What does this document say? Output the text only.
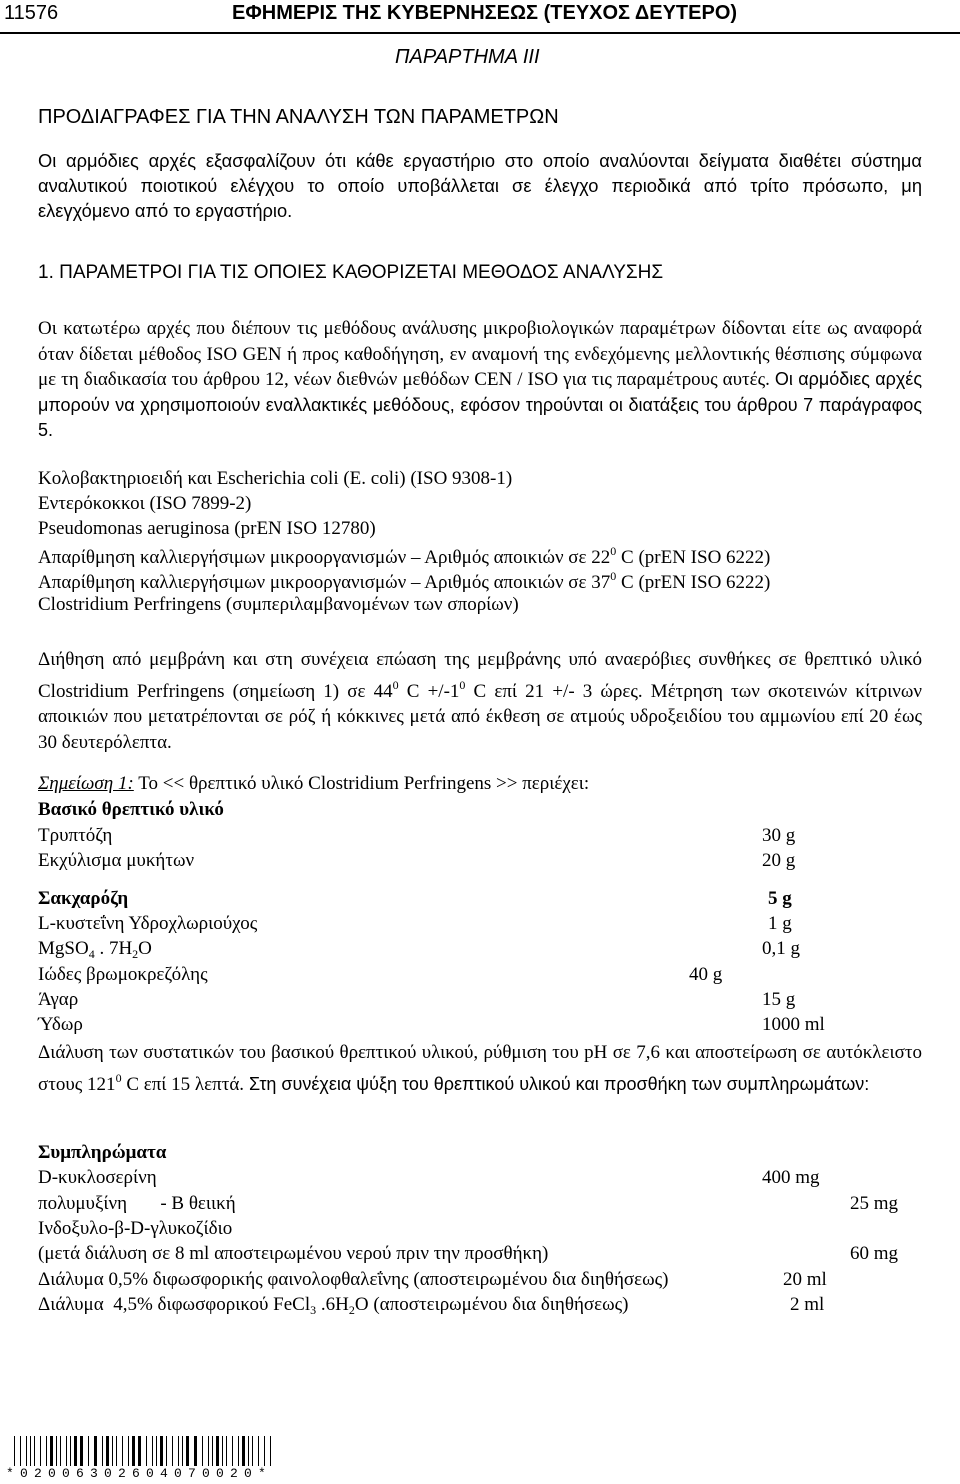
11576	ΕΦΗΜΕΡΙΣ ΤΗΣ ΚΥΒΕΡΝΗΣΕΩΣ (ΤΕΥΧΟΣ ΔΕΥΤΕΡΟ)
ΠΑΡΑΡΤΗΜΑ ΙΙΙ
ΠΡΟΔΙΑΓΡΑΦΕΣ ΓΙΑ ΤΗΝ ΑΝΑΛΥΣΗ ΤΩΝ ΠΑΡΑΜΕΤΡΩΝ
Οι αρμόδιες αρχές εξασφαλίζουν ότι κάθε εργαστήριο στο οποίο αναλύονται δείγματα διαθέτει σύστημα αναλυτικού ποιοτικού ελέγχου το οποίο υποβάλλεται σε έλεγχο περιοδικά από τρίτο πρόσωπο, μη ελεγχόμενο από το εργαστήριο.
1. ΠΑΡΑΜΕΤΡΟΙ ΓΙΑ ΤΙΣ ΟΠΟΙΕΣ ΚΑΘΟΡΙΖΕΤΑΙ ΜΕΘΟΔΟΣ ΑΝΑΛΥΣΗΣ
Οι κατωτέρω αρχές που διέπουν τις μεθόδους ανάλυσης μικροβιολογικών παραμέτρων δίδονται είτε ως αναφορά όταν δίδεται μέθοδος ISO GEN ή προς καθοδήγηση, εν αναμονή της ενδεχόμενης μελλοντικής θέσπισης σύμφωνα με τη διαδικασία του άρθρου 12, νέων διεθνών μεθόδων CEN / ISO για τις παραμέτρους αυτές. Οι αρμόδιες αρχές μπορούν να χρησιμοποιούν εναλλακτικές μεθόδους, εφόσον τηρούνται οι διατάξεις του άρθρου 7 παράγραφος 5.
Κολοβακτηριοειδή και Escherichia coli (E. coli) (ISO 9308-1)
Εντερόκοκκοι (ISO 7899-2)
Pseudomonas aeruginosa (prEN ISO 12780)
Απαρίθμηση καλλιεργήσιμων μικροοργανισμών – Αριθμός αποικιών σε $22^0$ C (prEN ISO 6222)
Απαρίθμηση καλλιεργήσιμων μικροοργανισμών – Αριθμός αποικιών σε $37^0$ C (prEN ISO 6222)
Clostridium Perfringens (συμπεριλαμβανομένων των σπορίων)
Διήθηση από μεμβράνη και στη συνέχεια επώαση της μεμβράνης υπό αναερόβιες συνθήκες σε θρεπτικό υλικό Clostridium Perfringens (σημείωση 1) σε $44^0$ $C +/-1^0$ C επί 21 +/- 3 ώρες. Μέτρηση των σκοτεινών κίτρινων αποικιών που μετατρέπονται σε ρόζ ή κόκκινες μετά από έκθεση σε ατμούς υδροξειδίου του αμμωνίου επί 20 έως 30 δευτερόλεπτα.
Σημείωση 1: Το << θρεπτικό υλικό Clostridium Perfringens >> περιέχει:
Βασικό θρεπτικό υλικό
Τρυπτόζη	30 g
Εκχύλισμα μυκήτων	20 g
Σακχαρόζη	5 g
L-κυστεΐνη Υδροχλωριούχος	1 g
MgSO$_4$ . $7H_2O$	0,1 g
Ιώδες βρωμοκρεζόλης	40 g
Άγαρ	15 g
Ύδωρ	1000 ml
Διάλυση των συστατικών του βασικού θρεπτικού υλικού, ρύθμιση του pH σε 7,6 και αποστείρωση σε αυτόκλειστο στους $121^0$ C επί 15 λεπτά. Στη συνέχεια ψύξη του θρεπτικού υλικού και προσθήκη των συμπληρωμάτων:
Συμπληρώματα
D-κυκλοσερίνη	400 mg
πολυμυξίνη       - Β θειική	25 mg
Ινδοξυλο-β-D-γλυκοζίδιο
(μετά διάλυση σε 8 ml αποστειρωμένου νερού πριν την προσθήκη)	60 mg
Διάλυμα 0,5% διφωσφορικής φαινολοφθαλεΐνης (αποστειρωμένου δια διηθήσεως)	20 ml
Διάλυμα  4,5% διφωσφορικού FeCl$_3$ $.6H_2O$ (αποστειρωμένου δια διηθήσεως)	2 ml
*02006302604070020*
